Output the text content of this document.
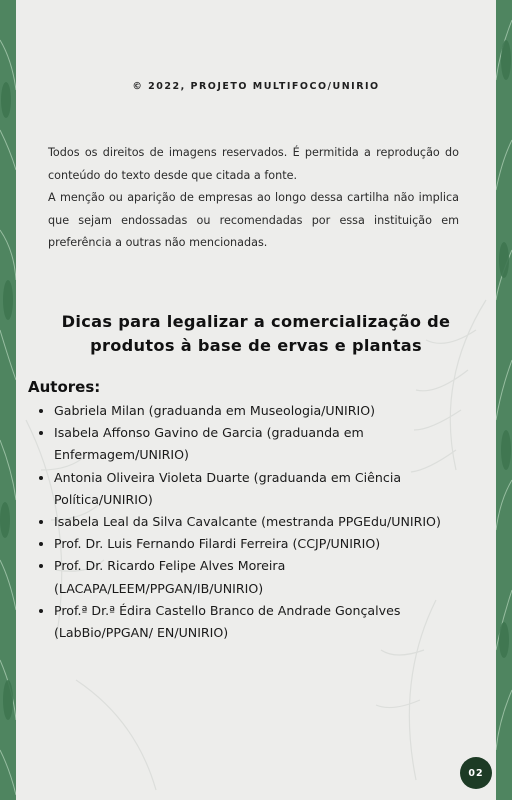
© 2022, PROJETO MULTIFOCO/UNIRIO

Todos os direitos de imagens reservados. É permitida a reprodução do conteúdo do texto desde que citada a fonte.

A menção ou aparição de empresas ao longo dessa cartilha não implica que sejam endossadas ou recomendadas por essa instituição em preferência a outras não mencionadas.

Dicas para legalizar a comercialização de produtos à base de ervas e plantas
Autores:
• Gabriela Milan (graduanda em Museologia/UNIRIO)
• Isabela Affonso Gavino de Garcia (graduanda em Enfermagem/UNIRIO)
• Antonia Oliveira Violeta Duarte (graduanda em Ciência Política/UNIRIO)
• Isabela Leal da Silva Cavalcante (mestranda PPGEdu/UNIRIO)
• Prof. Dr. Luis Fernando Filardi Ferreira (CCJP/UNIRIO)
• Prof. Dr. Ricardo Felipe Alves Moreira (LACAPA/LEEM/PPGAN/IB/UNIRIO)
• Prof.ª Dr.ª Édira Castello Branco de Andrade Gonçalves (LabBio/PPGAN/ EN/UNIRIO)
02
